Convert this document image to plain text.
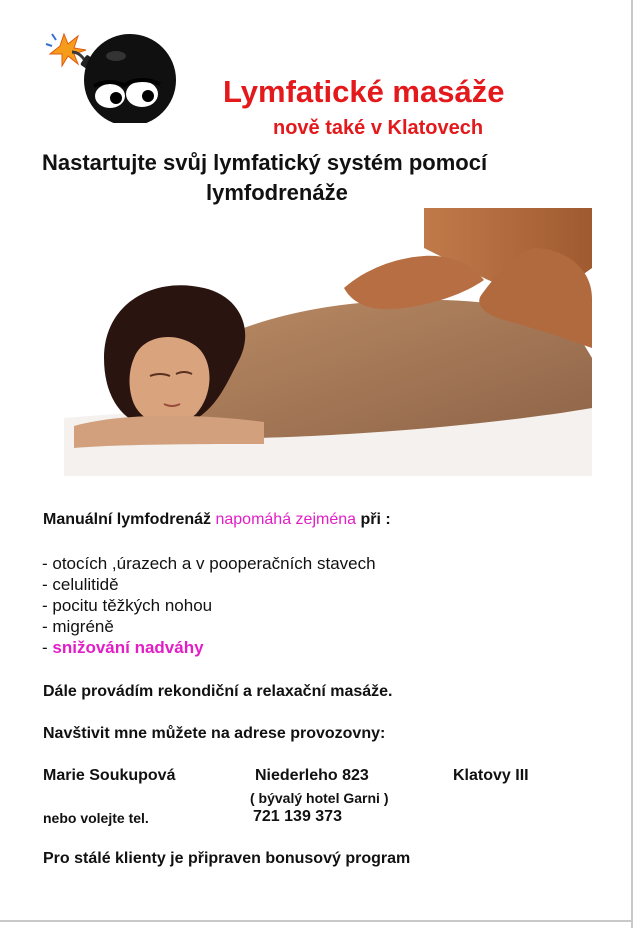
Lymfatické masáže
nově také v Klatovech
Nastartujte svůj lymfatický systém pomocí
lymfodrenáže
Manuální lymfodrenáž napomáhá zejména při :
- otocích ,úrazech a v pooperačních stavech
- celulitidě
- pocitu těžkých nohou
- migréně
- snižování nadváhy
Dále provádím rekondiční a relaxační masáže.
Navštivit mne můžete na adrese provozovny:
Marie Soukupová	Niederleho 823	Klatovy III
( bývalý hotel Garni )
nebo volejte tel.	721 139 373
Pro stálé klienty je připraven bonusový program
